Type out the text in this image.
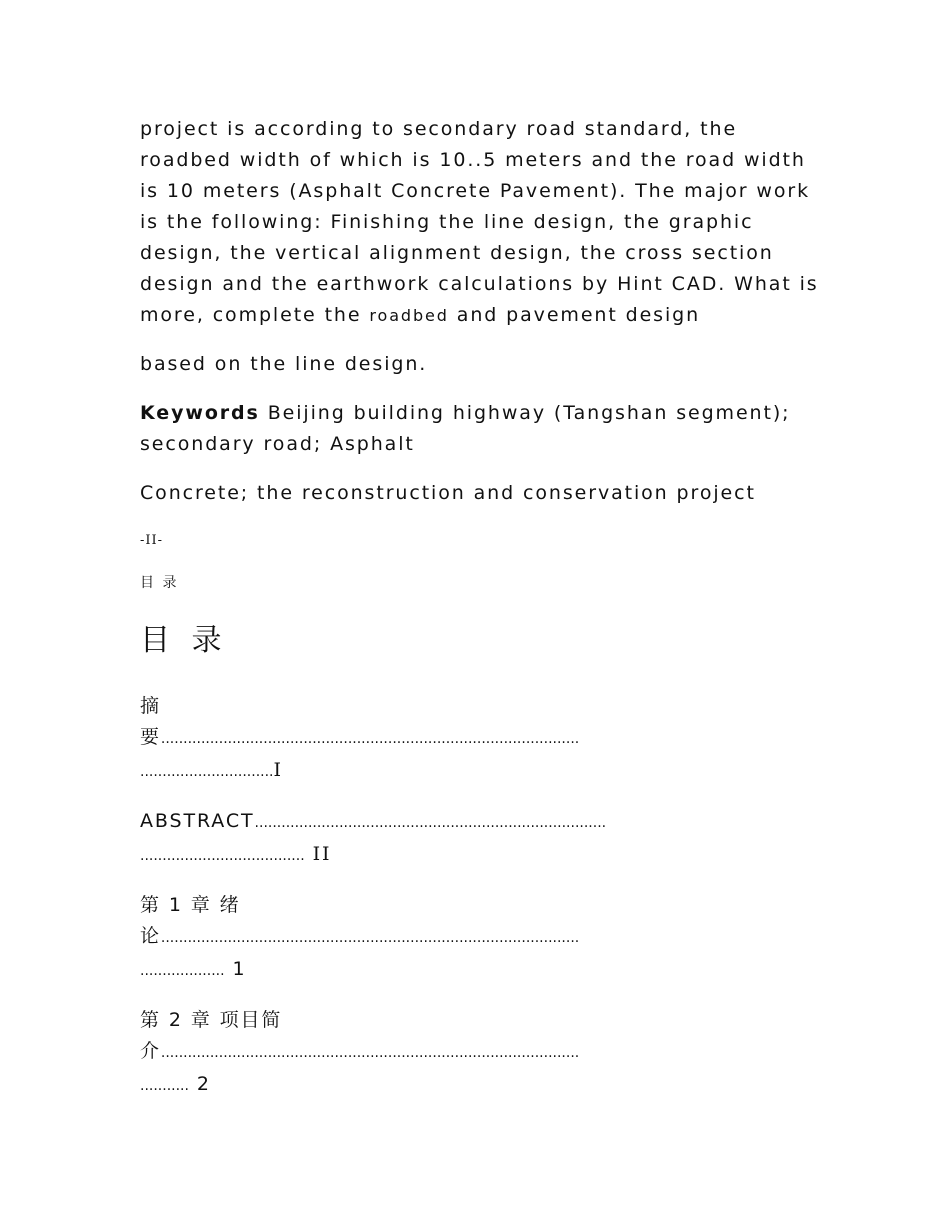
project is according to secondary road standard, the

roadbed width of which is 10..5 meters and the road width

is 10 meters (Asphalt Concrete Pavement). The major work

is the following: Finishing the line design, the graphic

design, the vertical alignment design, the cross section

design and the earthwork calculations by Hint CAD. What is

more, complete the roadbed and pavement design

based on the line design.

Keywords Beijing building highway (Tangshan segment);

secondary road; Asphalt

Concrete; the reconstruction and conservation project

-II-
目 录
目 录
摘
要..............................................................................................
..............................I
ABSTRACT...............................................................................
..................................... II
第 1 章 绪
论..............................................................................................
................... 1
第 2 章 项目简
介..............................................................................................
........... 2
